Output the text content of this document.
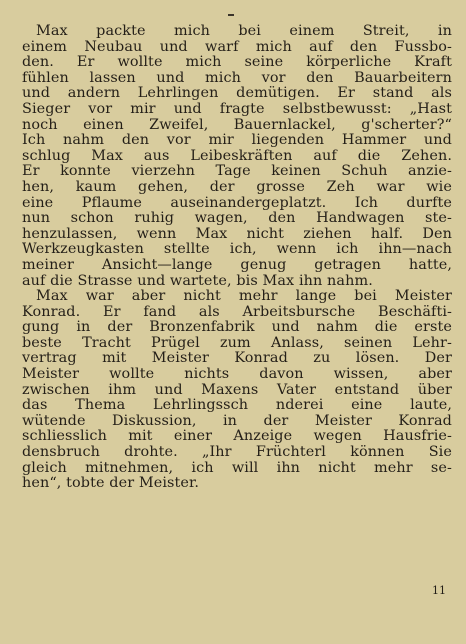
Max packte mich bei einem Streit, in
einem Neubau und warf mich auf den Fussbo-
den. Er wollte mich seine körperliche Kraft
fühlen lassen und mich vor den Bauarbeitern
und andern Lehrlingen demütigen. Er stand als
Sieger vor mir und fragte selbstbewusst: „Hast
noch einen Zweifel, Bauernlackel, g'scherter?“
Ich nahm den vor mir liegenden Hammer und
schlug Max aus Leibeskräften auf die Zehen.
Er konnte vierzehn Tage keinen Schuh anzie-
hen, kaum gehen, der grosse Zeh war wie
eine Pflaume auseinandergeplatzt. Ich durfte
nun schon ruhig wagen, den Handwagen ste-
henzulassen, wenn Max nicht ziehen half. Den
Werkzeugkasten stellte ich, wenn ich ihn—nach
meiner Ansicht—lange genug getragen hatte,
auf die Strasse und wartete, bis Max ihn nahm.
Max war aber nicht mehr lange bei Meister
Konrad. Er fand als Arbeitsbursche Beschäfti-
gung in der Bronzenfabrik und nahm die erste
beste Tracht Prügel zum Anlass, seinen Lehr-
vertrag mit Meister Konrad zu lösen. Der
Meister wollte nichts davon wissen, aber
zwischen ihm und Maxens Vater entstand über
das Thema Lehrlingssch nderei eine laute,
wütende Diskussion, in der Meister Konrad
schliesslich mit einer Anzeige wegen Hausfrie-
densbruch drohte. „Ihr Früchterl können Sie
gleich mitnehmen, ich will ihn nicht mehr se-
hen“, tobte der Meister.
11
